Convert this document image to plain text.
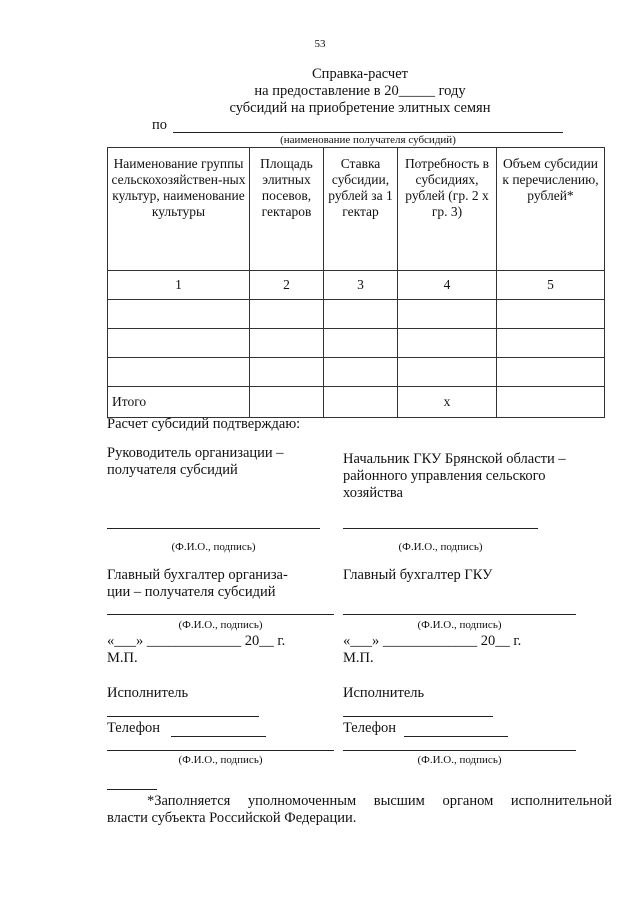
53
Справка-расчет
на предоставление в 20_____ году
субсидий на приобретение элитных семян
по
(наименование получателя субсидий)
Наименование группы сельскохозяйствен-ных культур, наименование культуры	Площадь элитных посевов, гектаров	Ставка субсидии, рублей за 1 гектар	Потребность в субсидиях, рублей (гр. 2 х гр. 3)	Объем субсидии к перечислению, рублей*
1	2	3	4	5

Итого			х	
Расчет субсидий подтверждаю:
Руководитель организации –
получателя субсидий
(Ф.И.О., подпись)
Начальник ГКУ Брянской области –
районного управления сельского
хозяйства
(Ф.И.О., подпись)
Главный бухгалтер организа-
ции – получателя субсидий
(Ф.И.О., подпись)
Главный бухгалтер ГКУ
(Ф.И.О., подпись)
«___» _____________ 20__ г.
М.П.
«___» _____________ 20__ г.
М.П.
Исполнитель	Исполнитель
Телефон	Телефон
(Ф.И.О., подпись)	(Ф.И.О., подпись)
*Заполняется уполномоченным высшим органом исполнительной
власти субъекта Российской Федерации.
